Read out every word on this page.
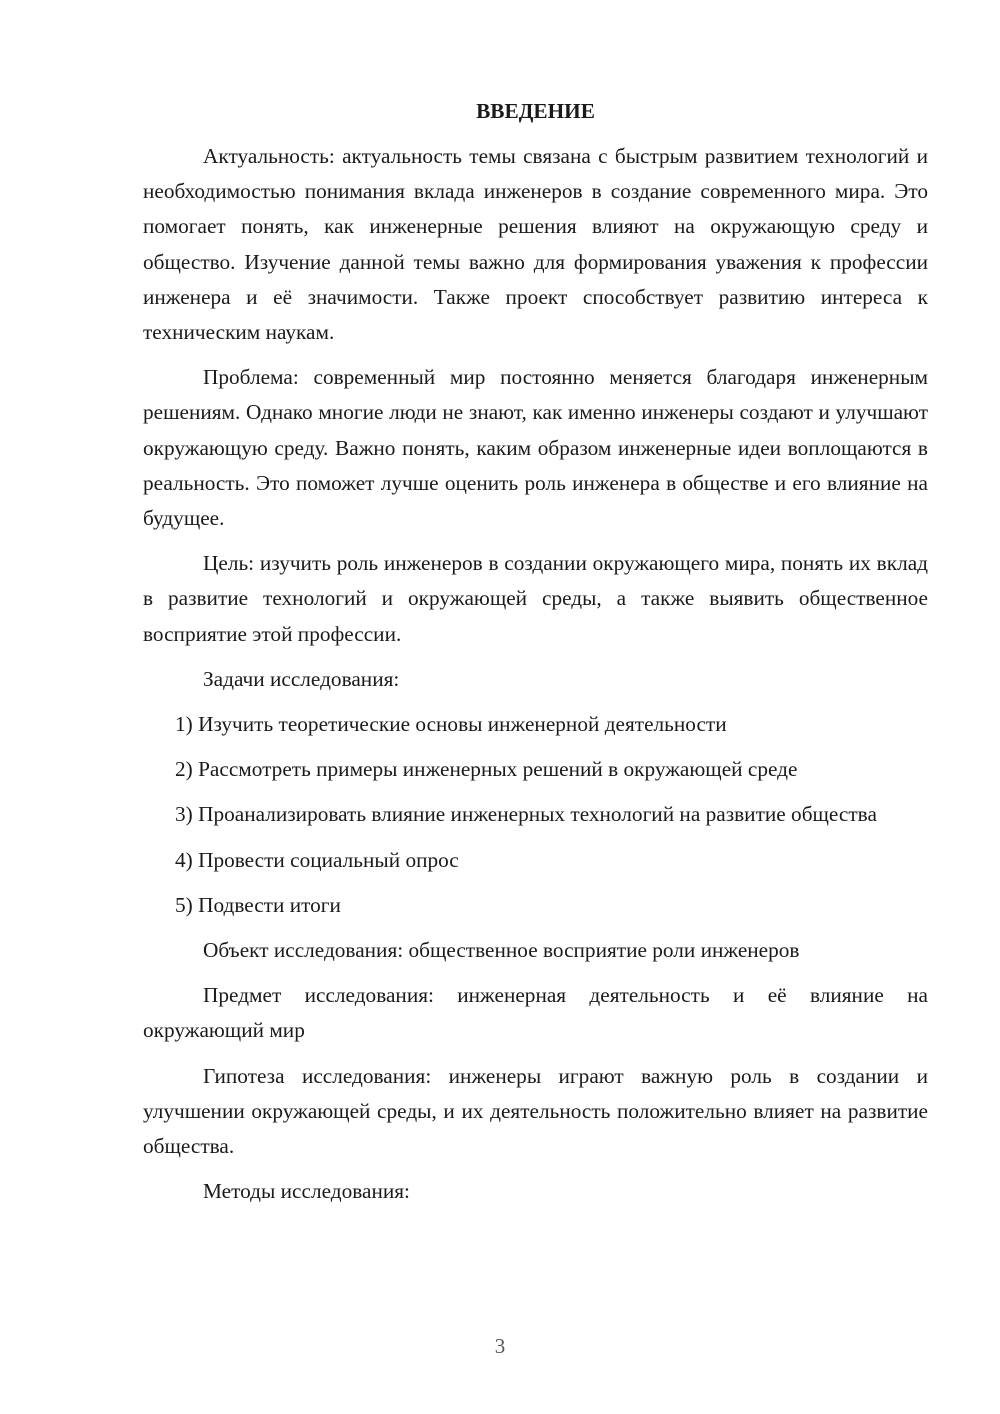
ВВЕДЕНИЕ

Актуальность: актуальность темы связана с быстрым развитием технологий и необходимостью понимания вклада инженеров в создание современного мира. Это помогает понять, как инженерные решения влияют на окружающую среду и общество. Изучение данной темы важно для формирования уважения к профессии инженера и её значимости. Также проект способствует развитию интереса к техническим наукам.

Проблема: современный мир постоянно меняется благодаря инженерным решениям. Однако многие люди не знают, как именно инженеры создают и улучшают окружающую среду. Важно понять, каким образом инженерные идеи воплощаются в реальность. Это поможет лучше оценить роль инженера в обществе и его влияние на будущее.

Цель: изучить роль инженеров в создании окружающего мира, понять их вклад в развитие технологий и окружающей среды, а также выявить общественное восприятие этой профессии.

Задачи исследования:

1) Изучить теоретические основы инженерной деятельности

2) Рассмотреть примеры инженерных решений в окружающей среде

3) Проанализировать влияние инженерных технологий на развитие общества

4) Провести социальный опрос

5) Подвести итоги

Объект исследования: общественное восприятие роли инженеров

Предмет исследования: инженерная деятельность и её влияние на окружающий мир

Гипотеза исследования: инженеры играют важную роль в создании и улучшении окружающей среды, и их деятельность положительно влияет на развитие общества.

Методы исследования:

3
